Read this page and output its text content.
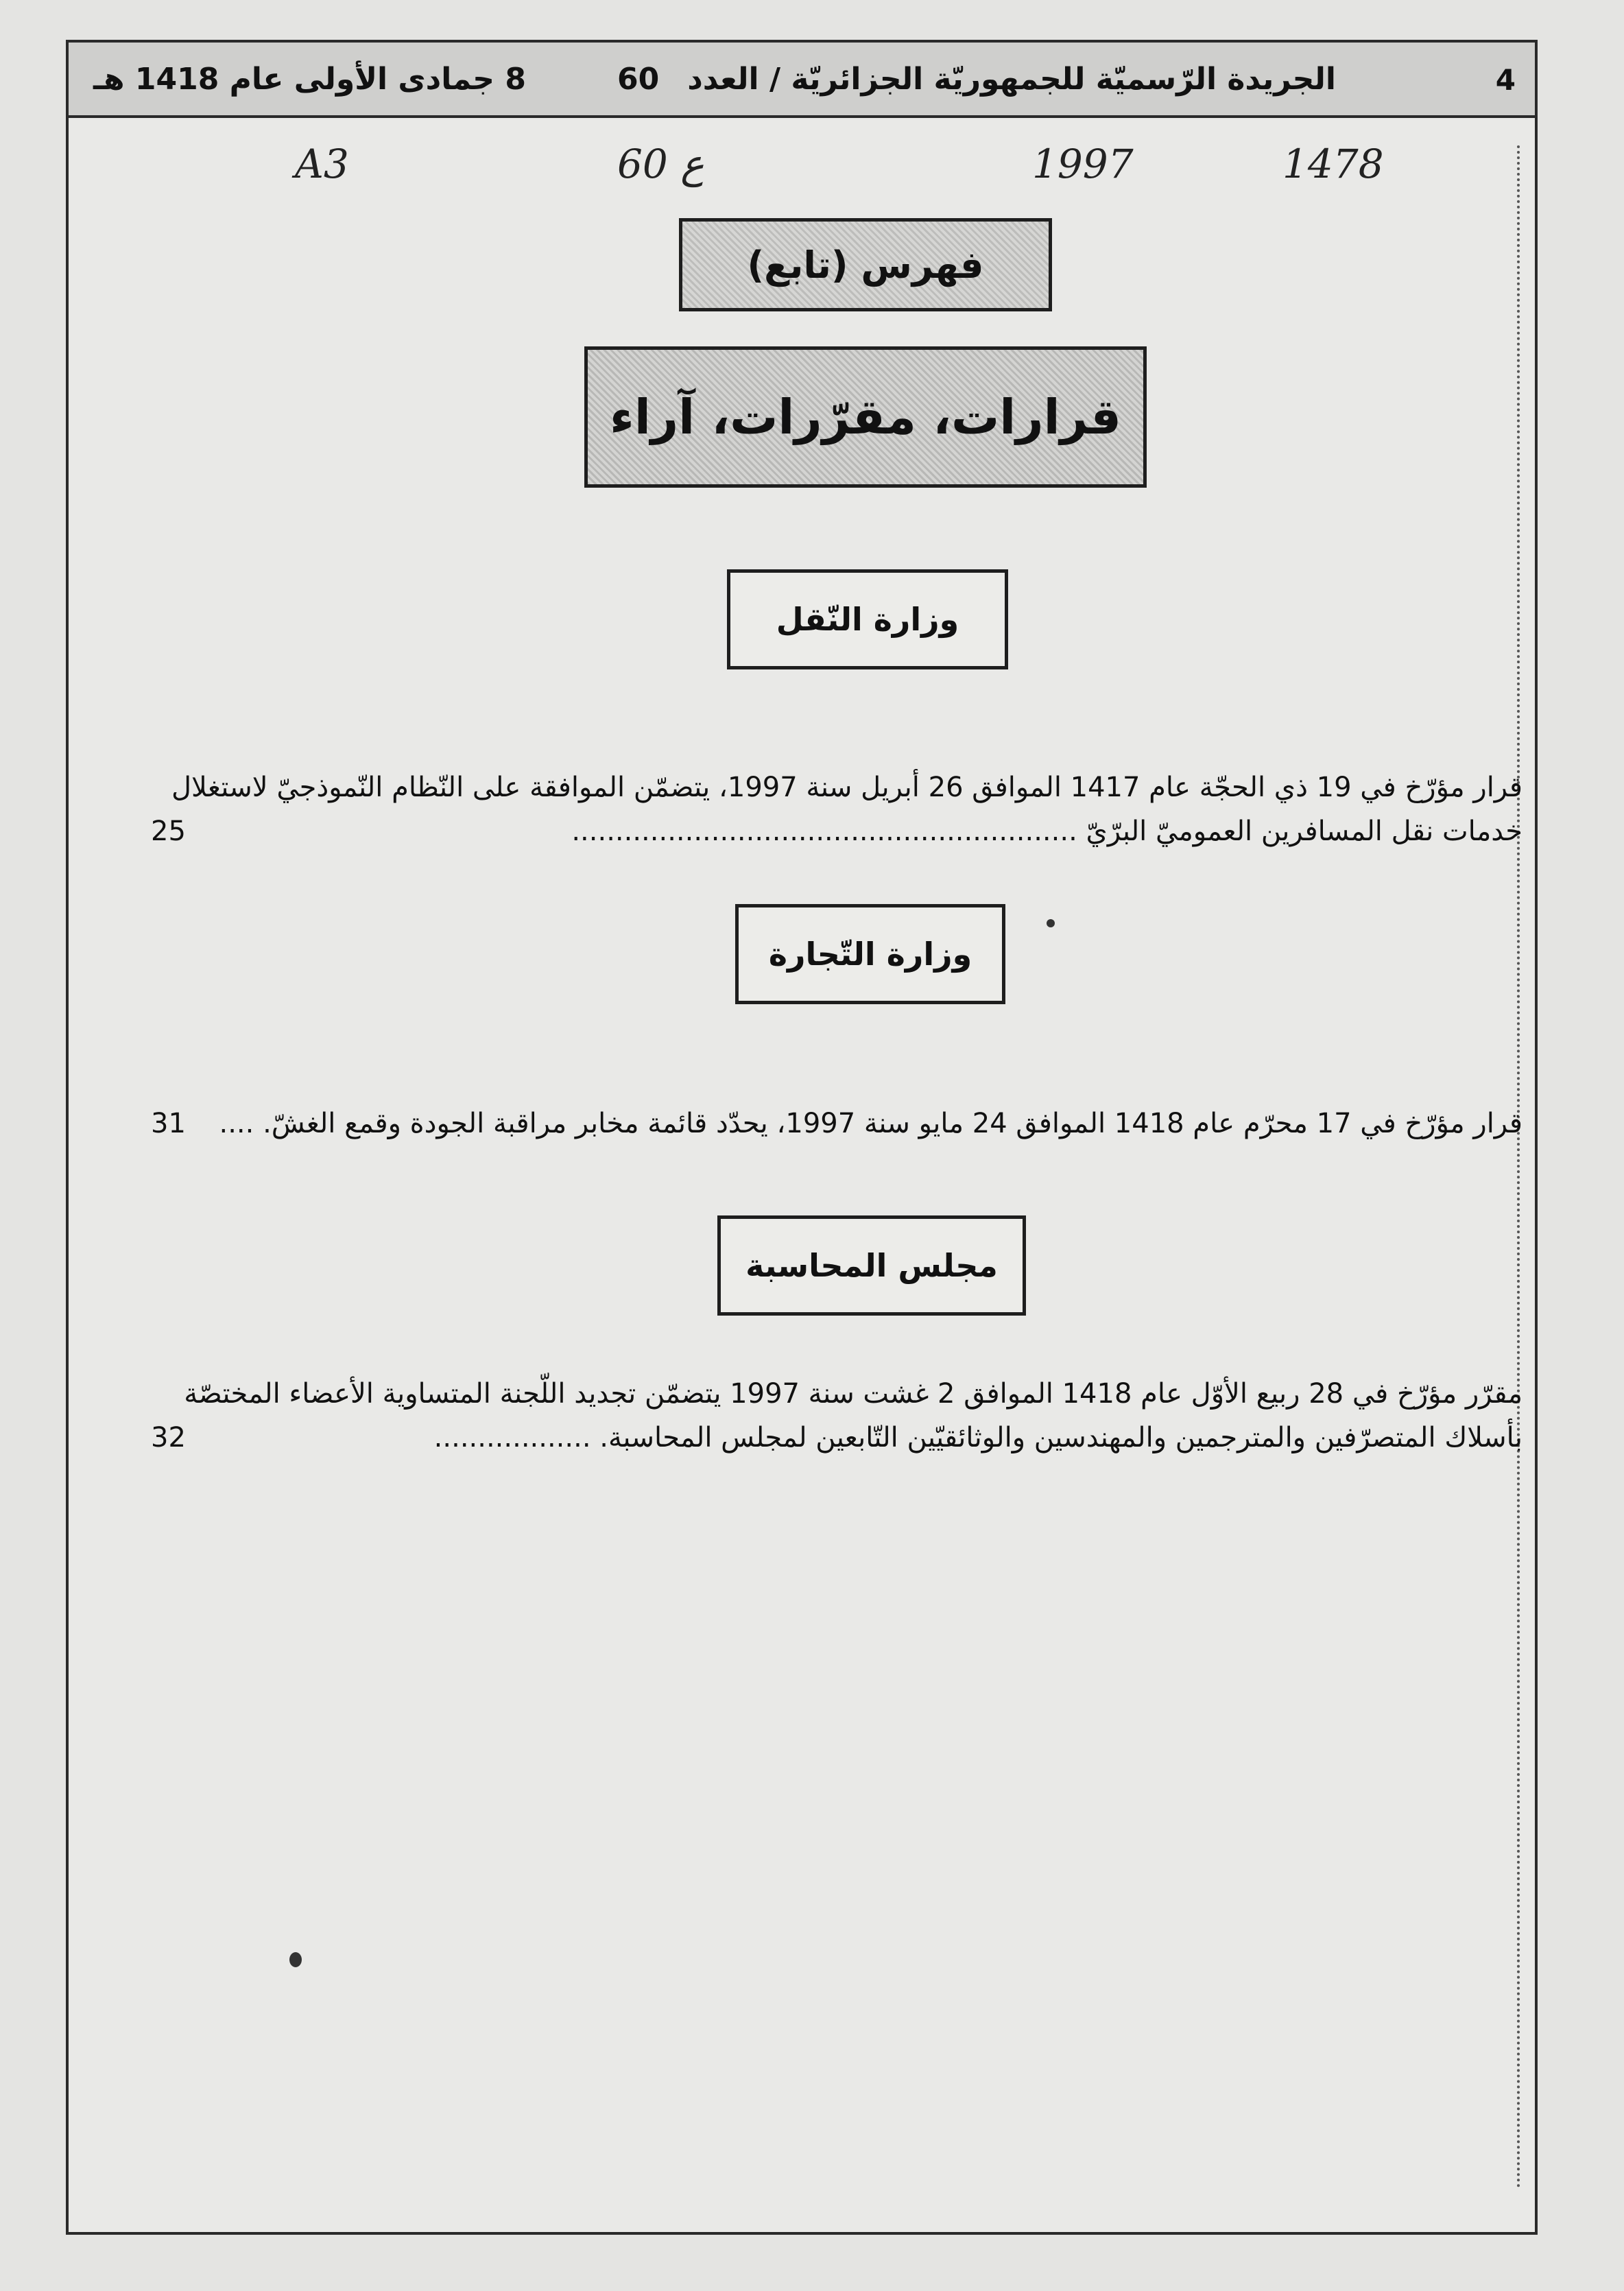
4
الجريدة الرّسميّة للجمهوريّة الجزائريّة / العدد
60
8 جمادى الأولى عام 1418 هـ
A3	60 ع	1997	1478
فهرس (تابع)
قرارات، مقرّرات، آراء
وزارة النّقل
قرار مؤرّخ في 19 ذي الحجّة عام 1417 الموافق 26 أبريل سنة 1997، يتضمّن الموافقة على النّظام النّموذجيّ لاستغلال
خدمات نقل المسافرين العموميّ البرّيّ ..........................................................
25
وزارة التّجارة
قرار مؤرّخ في 17 محرّم عام 1418 الموافق 24 مايو سنة 1997، يحدّد قائمة مخابر مراقبة الجودة وقمع الغشّ. ....
31
مجلس المحاسبة
مقرّر مؤرّخ في 28 ربيع الأوّل عام 1418 الموافق 2 غشت سنة 1997 يتضمّن تجديد اللّجنة المتساوية الأعضاء المختصّة
بأسلاك المتصرّفين والمترجمين والمهندسين والوثائقيّين التّابعين لمجلس المحاسبة. ..................
32
